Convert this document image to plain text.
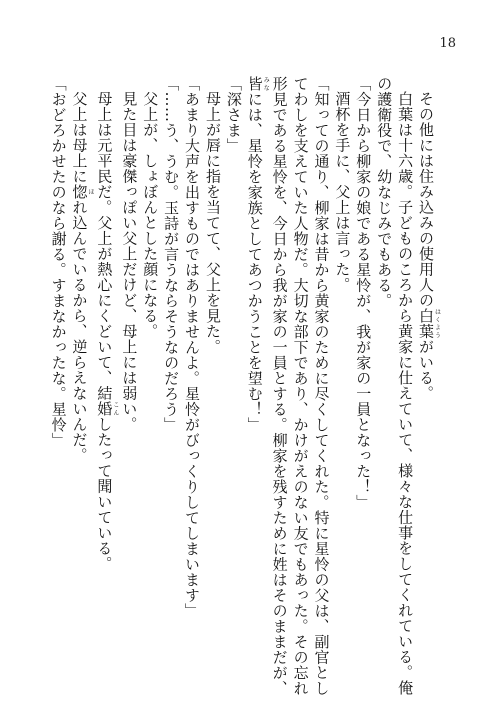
18
その他には住み込みの使用人の白葉はくようがいる。
白葉は十六歳。子どものころから黄家に仕えていて、様々な仕事をしてくれている。俺
の護衛役で、幼なじみでもある。
「今日から柳家の娘である星怜が、我が家の一員となった！」
酒杯を手に、父上は言った。
「知っての通り、柳家は昔から黄家のために尽くしてくれた。特に星怜の父は、副官とし
てわしを支えていた人物だ。大切な部下であり、かけがえのない友でもあった。その忘れ
形見である星怜を、今日から我が家の一員とする。柳家を残すために姓はそのままだが、
皆みなには、星怜を家族としてあつかうことを望む！」
「深さま」
母上が唇に指を当てて、父上を見た。
「あまり大声を出すものではありませんよ。星怜がびっくりしてしまいます」
「……う、うむ。玉詩が言うならそうなのだろう」
父上が、しょぼんとした顔になる。
見た目は豪傑っぽい父上だけど、母上には弱い。
母上は元平民だ。父上が熱心にくどいて、結婚こんしたって聞いている。
父上は母上に惚ほれ込んでいるから、逆らえないんだ。
「おどろかせたのなら謝る。すまなかったな。星怜」
